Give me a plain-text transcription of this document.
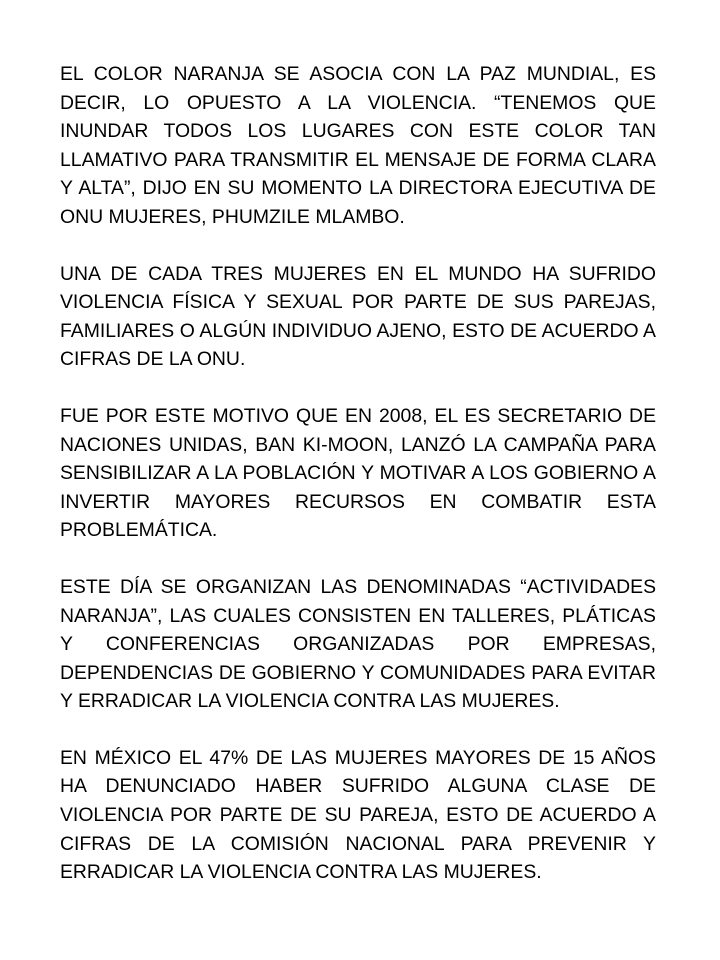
EL COLOR NARANJA SE ASOCIA CON LA PAZ MUNDIAL, ES DECIR, LO OPUESTO A LA VIOLENCIA. “TENEMOS QUE INUNDAR TODOS LOS LUGARES CON ESTE COLOR TAN LLAMATIVO PARA TRANSMITIR EL MENSAJE DE FORMA CLARA Y ALTA”, DIJO EN SU MOMENTO LA DIRECTORA EJECUTIVA DE ONU MUJERES, PHUMZILE MLAMBO.

UNA DE CADA TRES MUJERES EN EL MUNDO HA SUFRIDO VIOLENCIA FÍSICA Y SEXUAL POR PARTE DE SUS PAREJAS, FAMILIARES O ALGÚN INDIVIDUO AJENO, ESTO DE ACUERDO A CIFRAS DE LA ONU.

FUE POR ESTE MOTIVO QUE EN 2008, EL ES SECRETARIO DE NACIONES UNIDAS, BAN KI-MOON, LANZÓ LA CAMPAÑA PARA SENSIBILIZAR A LA POBLACIÓN Y MOTIVAR A LOS GOBIERNO A INVERTIR MAYORES RECURSOS EN COMBATIR ESTA PROBLEMÁTICA.

ESTE DÍA SE ORGANIZAN LAS DENOMINADAS “ACTIVIDADES NARANJA”, LAS CUALES CONSISTEN EN TALLERES, PLÁTICAS Y CONFERENCIAS ORGANIZADAS POR EMPRESAS, DEPENDENCIAS DE GOBIERNO Y COMUNIDADES PARA EVITAR Y ERRADICAR LA VIOLENCIA CONTRA LAS MUJERES.

EN MÉXICO EL 47% DE LAS MUJERES MAYORES DE 15 AÑOS HA DENUNCIADO HABER SUFRIDO ALGUNA CLASE DE VIOLENCIA POR PARTE DE SU PAREJA, ESTO DE ACUERDO A CIFRAS DE LA COMISIÓN NACIONAL PARA PREVENIR Y ERRADICAR LA VIOLENCIA CONTRA LAS MUJERES.
